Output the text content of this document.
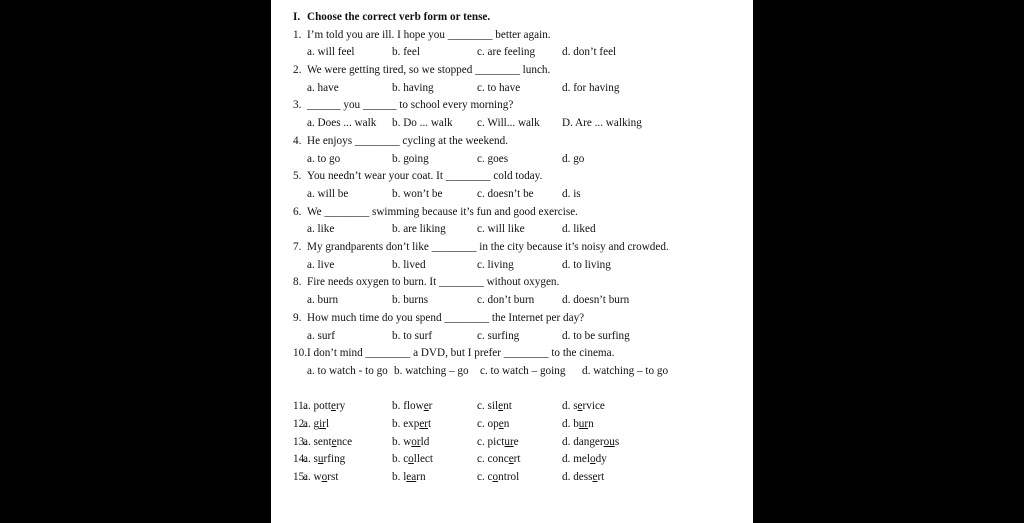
I. Choose the correct verb form or tense.
1. I’m told you are ill. I hope you ________ better again.
a. will feel	b. feel	c. are feeling d. don’t feel
2. We were getting tired, so we stopped ________ lunch.
a. have	b. having	c. to have	d. for having
3. ______ you ______ to school every morning?
a. Does ... walk b. Do ... walk c. Will... walk D. Are ... walking
4. He enjoys ________ cycling at the weekend.
a. to go	b. going	c. goes	d. go
5. You needn’t wear your coat. It ________ cold today.
a. will be	b. won’t be	c. doesn’t be	d. is
6. We ________ swimming because it’s fun and good exercise.
a. like	b. are liking	c. will like	d. liked
7. My grandparents don’t like ________ in the city because it’s noisy and crowded.
a. live	b. lived	c. living	d. to living
8. Fire needs oxygen to burn. It ________ without oxygen.
a. burn	b. burns	c. don’t burn d. doesn’t burn
9. How much time do you spend ________ the Internet per day?
a. surf	b. to surf	c. surfing	d. to be surfing
10.I don’t mind ________ a DVD, but I prefer ________ to the cinema.
a. to watch - to go b. watching – go c. to watch – going d. watching – to go
11.
a. pottery	b. flower	c. silent	d. service
12.
a. girl	b. expert	c. open	d. burn
13.
a. sentence	b. world	c. picture	d. dangerous
14.
a. surfing	b. collect	c. concert	d. melody
15.
a. worst	b. learn	c. control	d. dessert
